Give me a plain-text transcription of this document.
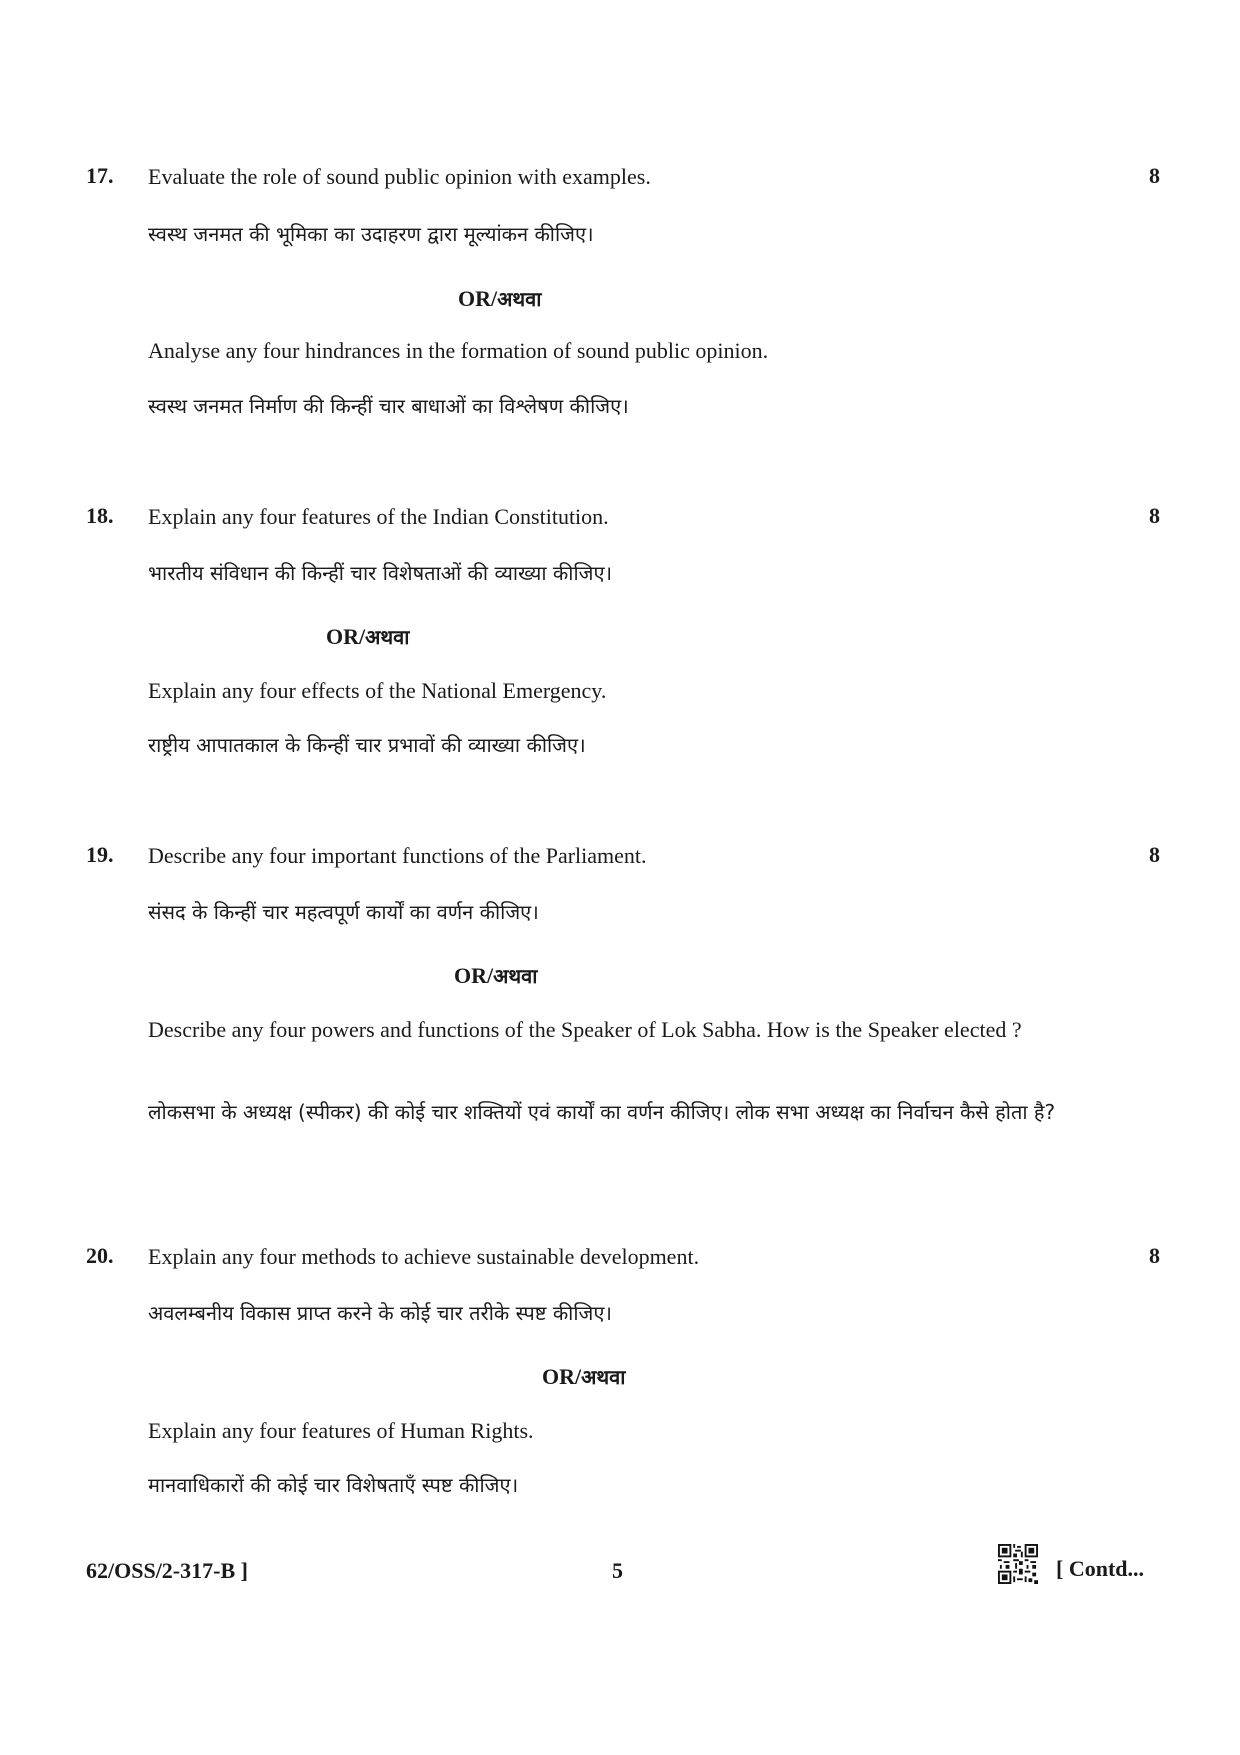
17. Evaluate the role of sound public opinion with examples.	8
स्वस्थ जनमत की भूमिका का उदाहरण द्वारा मूल्यांकन कीजिए।
OR/अथवा
Analyse any four hindrances in the formation of sound public opinion.
स्वस्थ जनमत निर्माण की किन्हीं चार बाधाओं का विश्लेषण कीजिए।
18. Explain any four features of the Indian Constitution.	8
भारतीय संविधान की किन्हीं चार विशेषताओं की व्याख्या कीजिए।
OR/अथवा
Explain any four effects of the National Emergency.
राष्ट्रीय आपातकाल के किन्हीं चार प्रभावों की व्याख्या कीजिए।
19. Describe any four important functions of the Parliament.	8
संसद के किन्हीं चार महत्वपूर्ण कार्यों का वर्णन कीजिए।
OR/अथवा
Describe any four powers and functions of the Speaker of Lok Sabha. How is the Speaker elected ?
लोकसभा के अध्यक्ष (स्पीकर) की कोई चार शक्तियों एवं कार्यों का वर्णन कीजिए। लोक सभा अध्यक्ष का निर्वाचन कैसे होता है?
20. Explain any four methods to achieve sustainable development.	8
अवलम्बनीय विकास प्राप्त करने के कोई चार तरीके स्पष्ट कीजिए।
OR/अथवा
Explain any four features of Human Rights.
मानवाधिकारों की कोई चार विशेषताएँ स्पष्ट कीजिए।
62/OSS/2-317-B ]	5	[ Contd...
